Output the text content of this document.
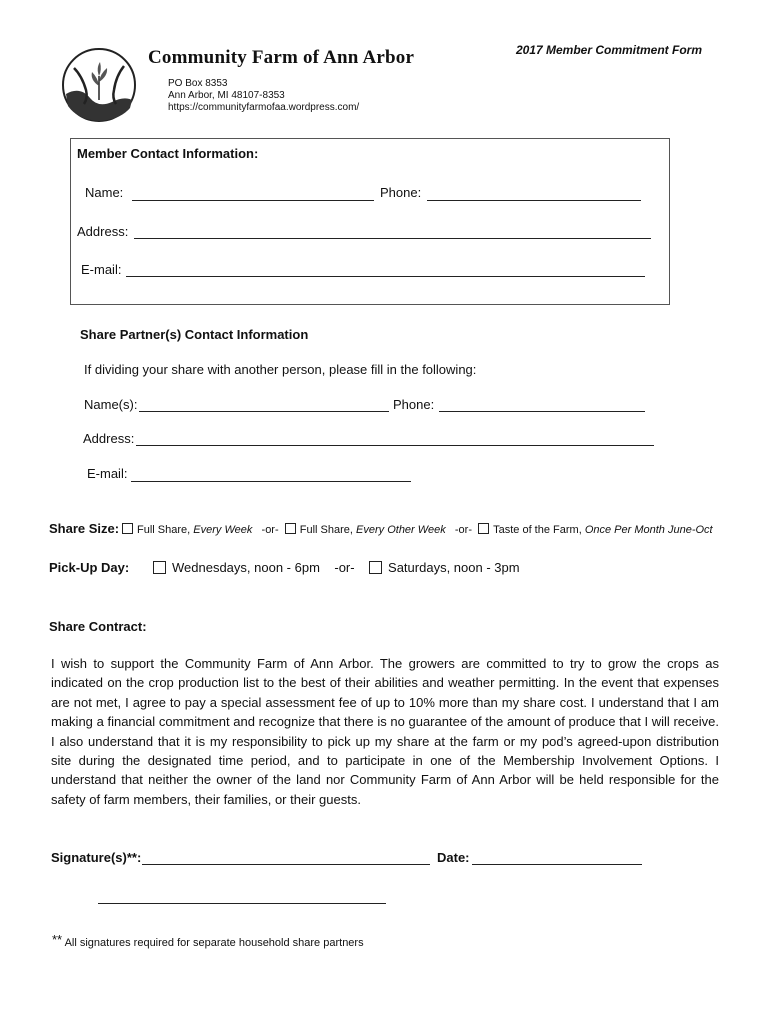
Community Farm of Ann Arbor
PO Box 8353
Ann Arbor, MI 48107-8353
https://communityfarmofaa.wordpress.com/
2017 Member Commitment Form
Member Contact Information:
Name:	Phone:
Address:
E-mail:
Share Partner(s) Contact Information
If dividing your share with another person, please fill in the following:
Name(s):	Phone:
Address:
E-mail:
Share Size:	Full Share, Every Week -or- Full Share, Every Other Week -or- Taste of the Farm, Once Per Month June-Oct
Pick-Up Day:	Wednesdays, noon - 6pm -or-	Saturdays, noon - 3pm
Share Contract:
I wish to support the Community Farm of Ann Arbor. The growers are committed to try to grow the crops as indicated on the crop production list to the best of their abilities and weather permitting. In the event that expenses are not met, I agree to pay a special assessment fee of up to 10% more than my share cost. I understand that I am making a financial commitment and recognize that there is no guarantee of the amount of produce that I will receive. I also understand that it is my responsibility to pick up my share at the farm or my pod’s agreed-upon distribution site during the designated time period, and to participate in one of the Membership Involvement Options. I understand that neither the owner of the land nor Community Farm of Ann Arbor will be held responsible for the safety of farm members, their families, or their guests.
Signature(s)**:	Date:
** All signatures required for separate household share partners
